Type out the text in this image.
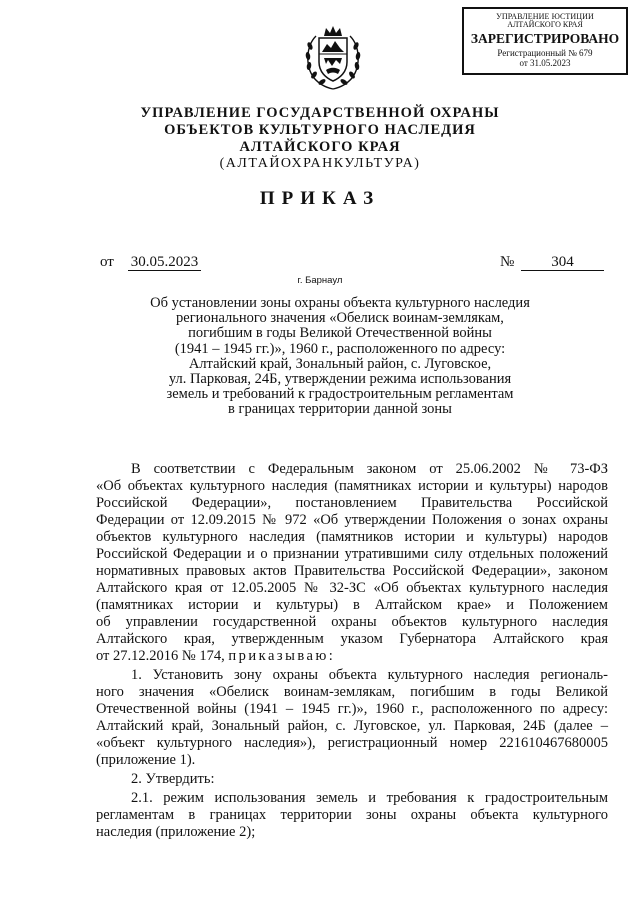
УПРАВЛЕНИЕ ЮСТИЦИИ
АЛТАЙСКОГО КРАЯ
ЗАРЕГИСТРИРОВАНО
Регистрационный № 679
от 31.05.2023
УПРАВЛЕНИЕ ГОСУДАРСТВЕННОЙ ОХРАНЫ
ОБЪЕКТОВ КУЛЬТУРНОГО НАСЛЕДИЯ
АЛТАЙСКОГО КРАЯ
(АЛТАЙОХРАНКУЛЬТУРА)
ПРИКАЗ
от 30.05.2023	№	304
г. Барнаул
Об установлении зоны охраны объекта культурного наследия
регионального значения «Обелиск воинам-землякам,
погибшим в годы Великой Отечественной войны
(1941 – 1945 гг.)», 1960 г., расположенного по адресу:
Алтайский край, Зональный район, с. Луговское,
ул. Парковая, 24Б, утверждении режима использования
земель и требований к градостроительным регламентам
в границах территории данной зоны
В соответствии с Федеральным законом от 25.06.2002 № 73-ФЗ
«Об объектах культурного наследия (памятниках истории и культуры) народов
Российской Федерации», постановлением Правительства Российской
Федерации от 12.09.2015 № 972 «Об утверждении Положения о зонах охраны
объектов культурного наследия (памятников истории и культуры) народов
Российской Федерации и о признании утратившими силу отдельных положений
нормативных правовых актов Правительства Российской Федерации», законом
Алтайского края от 12.05.2005 № 32-ЗС «Об объектах культурного наследия
(памятниках истории и культуры) в Алтайском крае» и Положением
об управлении государственной охраны объектов культурного наследия
Алтайского края, утвержденным указом Губернатора Алтайского края
от 27.12.2016 № 174, приказываю:
1. Установить зону охраны объекта культурного наследия региональ-
ного значения «Обелиск воинам-землякам, погибшим в годы Великой
Отечественной войны (1941 – 1945 гг.)», 1960 г., расположенного по адресу:
Алтайский край, Зональный район, с. Луговское, ул. Парковая, 24Б (далее –
«объект культурного наследия»), регистрационный номер 221610467680005
(приложение 1).
2. Утвердить:
2.1. режим использования земель и требования к градостроительным
регламентам в границах территории зоны охраны объекта культурного
наследия (приложение 2);
